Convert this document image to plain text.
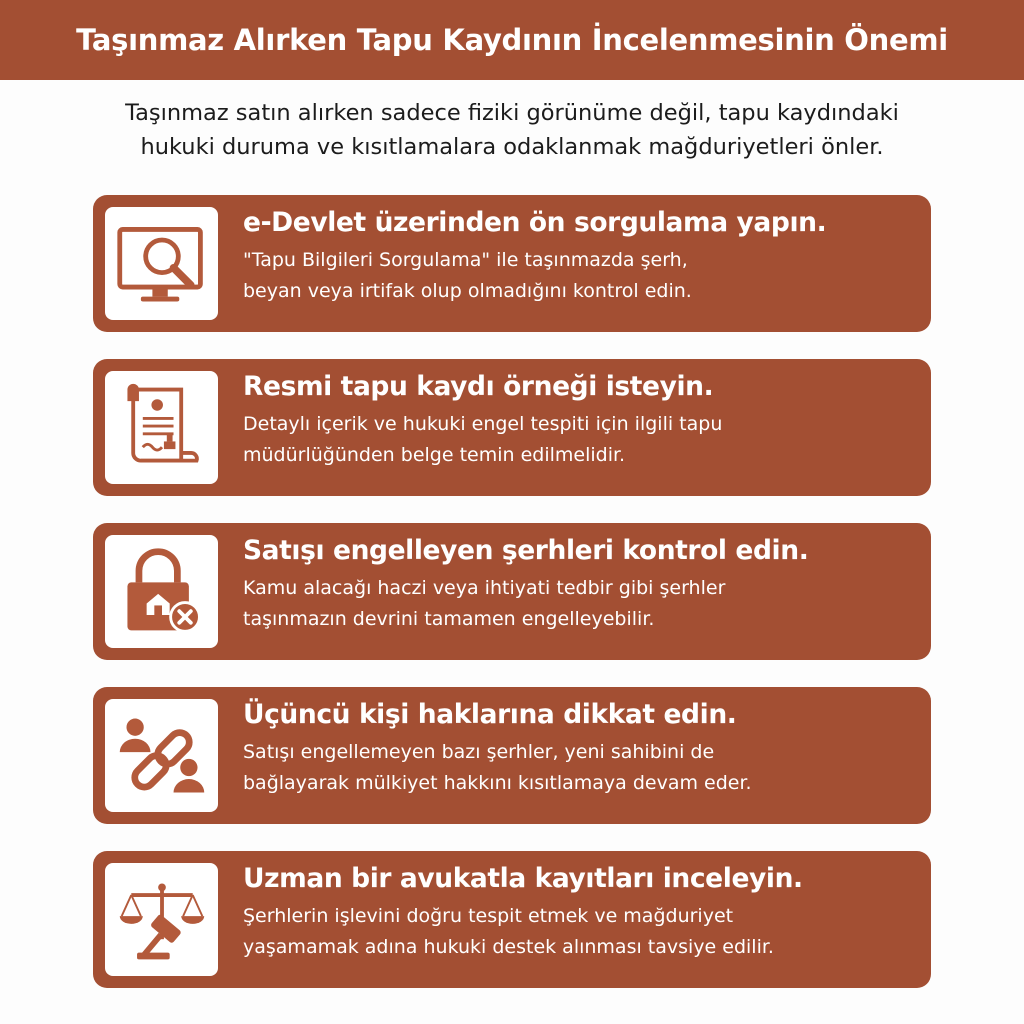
Taşınmaz Alırken Tapu Kaydının İncelenmesinin Önemi

Taşınmaz satın alırken sadece fiziki görünüme değil, tapu kaydındaki

hukuki duruma ve kısıtlamalara odaklanmak mağduriyetleri önler.

e-Devlet üzerinden ön sorgulama yapın.
"Tapu Bilgileri Sorgulama" ile taşınmazda şerh,
beyan veya irtifak olup olmadığını kontrol edin.
Resmi tapu kaydı örneği isteyin.
Detaylı içerik ve hukuki engel tespiti için ilgili tapu
müdürlüğünden belge temin edilmelidir.
Satışı engelleyen şerhleri kontrol edin.
Kamu alacağı haczi veya ihtiyati tedbir gibi şerhler
taşınmazın devrini tamamen engelleyebilir.
Üçüncü kişi haklarına dikkat edin.
Satışı engellemeyen bazı şerhler, yeni sahibini de
bağlayarak mülkiyet hakkını kısıtlamaya devam eder.
Uzman bir avukatla kayıtları inceleyin.
Şerhlerin işlevini doğru tespit etmek ve mağduriyet
yaşamamak adına hukuki destek alınması tavsiye edilir.
